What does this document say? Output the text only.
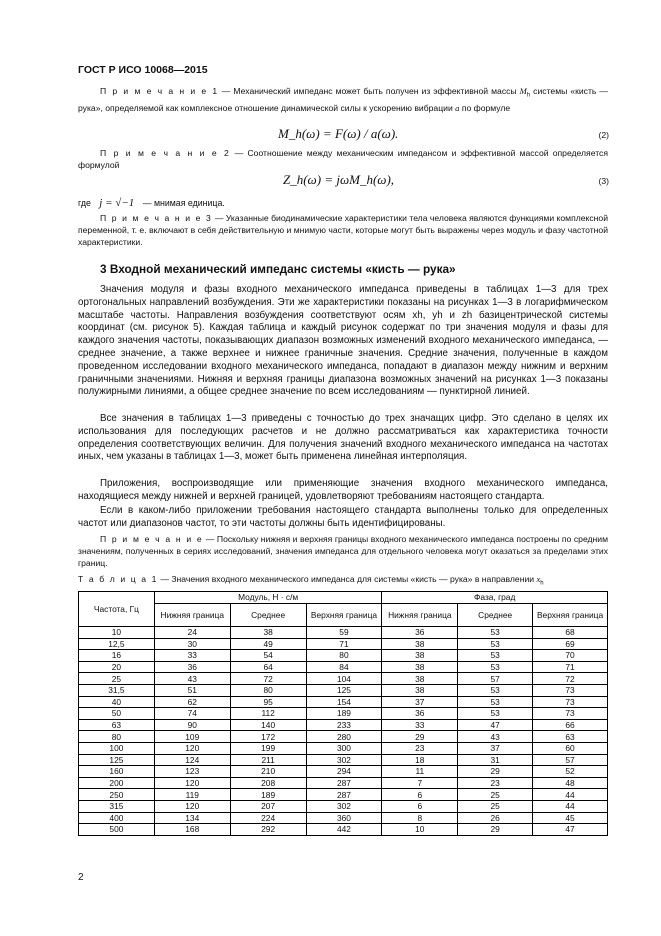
ГОСТ Р ИСО 10068—2015
П р и м е ч а н и е 1 — Механический импеданс может быть получен из эффективной массы $M_h$ системы «кисть — рука», определяемой как комплексное отношение динамической силы к ускорению вибрации a по формуле
M_h(ω) = F(ω) / a(ω).	(2)
П р и м е ч а н и е 2 — Соотношение между механическим импедансом и эффективной массой определяется формулой
Z_h(ω) = jωM_h(ω),	(3)
где j = √−1 — мнимая единица.
П р и м е ч а н и е 3 — Указанные биодинамические характеристики тела человека являются функциями комплексной переменной, т. е. включают в себя действительную и мнимую части, которые могут быть выражены через модуль и фазу частотной характеристики.
3 Входной механический импеданс системы «кисть — рука»
Значения модуля и фазы входного механического импеданса приведены в таблицах 1—3 для трех ортогональных направлений возбуждения. Эти же характеристики показаны на рисунках 1—3 в логарифмическом масштабе частоты. Направления возбуждения соответствуют осям xh, yh и zh базицентрической системы координат (см. рисунок 5). Каждая таблица и каждый рисунок содержат по три значения модуля и фазы для каждого значения частоты, показывающих диапазон возможных изменений входного механического импеданса, — среднее значение, а также верхнее и нижнее граничные значения. Средние значения, полученные в каждом проведенном исследовании входного механического импеданса, попадают в диапазон между нижним и верхним граничными значениями. Нижняя и верхняя границы диапазона возможных значений на рисунках 1—3 показаны полужирными линиями, а общее среднее значение по всем исследованиям — пунктирной линией.
Все значения в таблицах 1—3 приведены с точностью до трех значащих цифр. Это сделано в целях их использования для последующих расчетов и не должно рассматриваться как характеристика точности определения соответствующих величин. Для получения значений входного механического импеданса на частотах иных, чем указаны в таблицах 1—3, может быть применена линейная интерполяция.
Приложения, воспроизводящие или применяющие значения входного механического импеданса, находящиеся между нижней и верхней границей, удовлетворяют требованиям настоящего стандарта.
Если в каком-либо приложении требования настоящего стандарта выполнены только для определенных частот или диапазонов частот, то эти частоты должны быть идентифицированы.
П р и м е ч а н и е — Поскольку нижняя и верхняя границы входного механического импеданса построены по средним значениям, полученных в сериях исследований, значения импеданса для отдельного человека могут оказаться за пределами этих границ.
Т а б л и ц а 1 — Значения входного механического импеданса для системы «кисть — рука» в направлении $x_h$
Частота, Гц	Модуль, Н · с/м			Фаза, град		
	Нижняя граница	Среднее	Верхняя граница	Нижняя граница	Среднее	Верхняя граница
10	24	38	59	36	53	68
12,5	30	49	71	38	53	69
16	33	54	80	38	53	70
20	36	64	84	38	53	71
25	43	72	104	38	57	72
31,5	51	80	125	38	53	73
40	62	95	154	37	53	73
50	74	112	189	36	53	73
63	90	140	233	33	47	66
80	109	172	280	29	43	63
100	120	199	300	23	37	60
125	124	211	302	18	31	57
160	123	210	294	11	29	52
200	120	208	287	7	23	48
250	119	189	287	6	25	44
315	120	207	302	6	25	44
400	134	224	360	8	26	45
500	168	292	442	10	29	47
2
